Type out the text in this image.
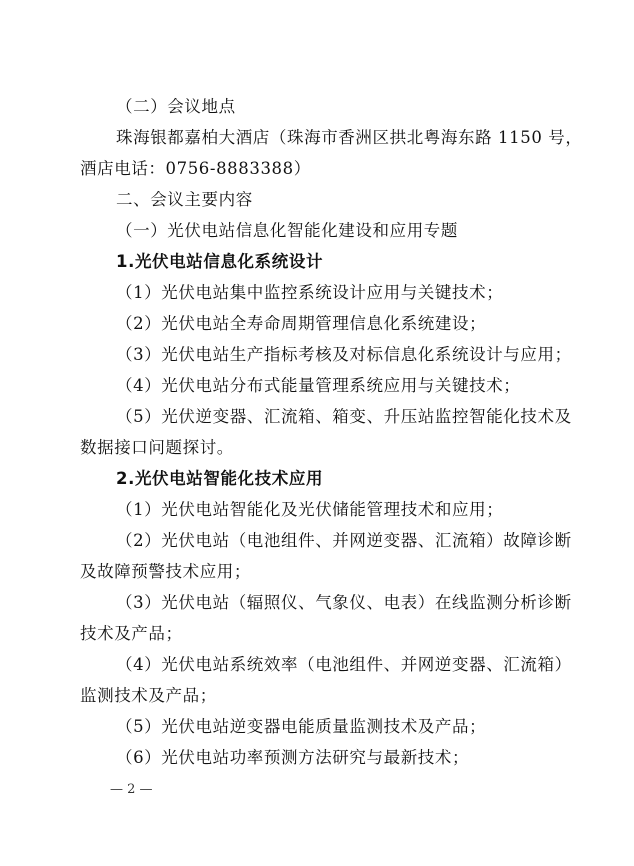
（二）会议地点
珠海银都嘉柏大酒店（珠海市香洲区拱北粤海东路 1150 号，
酒店电话：0756-8883388）
二、会议主要内容
（一）光伏电站信息化智能化建设和应用专题
1.光伏电站信息化系统设计
（1）光伏电站集中监控系统设计应用与关键技术；
（2）光伏电站全寿命周期管理信息化系统建设；
（3）光伏电站生产指标考核及对标信息化系统设计与应用；
（4）光伏电站分布式能量管理系统应用与关键技术；
（5）光伏逆变器、汇流箱、箱变、升压站监控智能化技术及
数据接口问题探讨。
2.光伏电站智能化技术应用
（1）光伏电站智能化及光伏储能管理技术和应用；
（2）光伏电站（电池组件、并网逆变器、汇流箱）故障诊断
及故障预警技术应用；
（3）光伏电站（辐照仪、气象仪、电表）在线监测分析诊断
技术及产品；
（4）光伏电站系统效率（电池组件、并网逆变器、汇流箱）
监测技术及产品；
（5）光伏电站逆变器电能质量监测技术及产品；
（6）光伏电站功率预测方法研究与最新技术；
— 2 —
